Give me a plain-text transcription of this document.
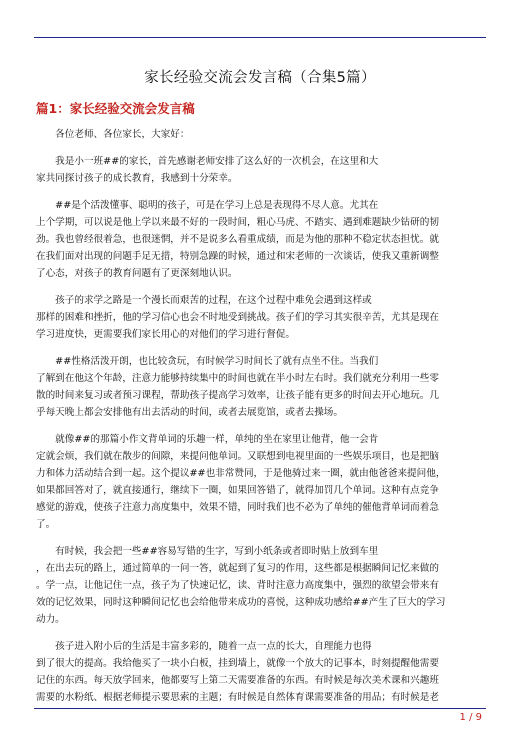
家长经验交流会发言稿（合集5篇）
篇1：家长经验交流会发言稿
　　各位老师、各位家长，大家好：
　　我是小一班##的家长，首先感谢老师安排了这么好的一次机会，在这里和大
家共同探讨孩子的成长教育，我感到十分荣幸。
　　##是个活泼懂事、聪明的孩子，可是在学习上总是表现得不尽人意。尤其在
上个学期，可以说是他上学以来最不好的一段时间，粗心马虎、不踏实、遇到难题缺少钻研的韧
劲。我也曾经很着急，也很迷惘，并不是说多么看重成绩，而是为他的那种不稳定状态担忧。就
在我们面对出现的问题手足无措，特别急躁的时候，通过和宋老师的一次谈话，使我又重新调整
了心态，对孩子的教育问题有了更深刻地认识。
　　孩子的求学之路是一个漫长而艰苦的过程，在这个过程中难免会遇到这样或
那样的困难和挫折，他的学习信心也会不时地受到挑战。孩子们的学习其实很辛苦，尤其是现在
学习进度快，更需要我们家长用心的对他们的学习进行督促。
　　##性格活泼开朗，也比较贪玩，有时候学习时间长了就有点坐不住。当我们
了解到在他这个年龄，注意力能够持续集中的时间也就在半小时左右时。我们就充分利用一些零
散的时间来复习或者预习课程，帮助孩子提高学习效率，让孩子能有更多的时间去开心地玩。几
乎每天晚上都会安排他有出去活动的时间，或者去展览馆，或者去操场。
　　就像##的那篇小作文背单词的乐趣一样，单纯的坐在家里让他背，他一会肯
定就会烦，我们就在散步的间隙，来提问他单词。又联想到电视里面的一些娱乐项目，也是把脑
力和体力活动结合到一起。这个提议##也非常赞同，于是他骑过来一圈，就由他爸爸来提问他，
如果都回答对了，就直接通行，继续下一圈，如果回答错了，就得加罚几个单词。这种有点竞争
感觉的游戏，使孩子注意力高度集中，效果不错，同时我们也不必为了单纯的催他背单词而着急
了。
　　有时候，我会把一些##容易写错的生字，写到小纸条或者即时贴上放到车里
，在出去玩的路上，通过简单的一问一答，就起到了复习的作用，这些都是根据瞬间记忆来做的
。学一点，让他记住一点，孩子为了快速记忆，读、背时注意力高度集中，强烈的欲望会带来有
效的记忆效果，同时这种瞬间记忆也会给他带来成功的喜悦，这种成功感给##产生了巨大的学习
动力。
　　孩子进入附小后的生活是丰富多彩的，随着一点一点的长大，自理能力也得
到了很大的提高。我给他买了一块小白板，挂到墙上，就像一个放大的记事本，时刻提醒他需要
记住的东西。每天放学回来，他都要写上第二天需要准备的东西。有时候是每次美术课和兴趣班
需要的水粉纸、根据老师提示要思索的主题；有时候是自然体育课需要准备的用品；有时候是老
1 / 9
